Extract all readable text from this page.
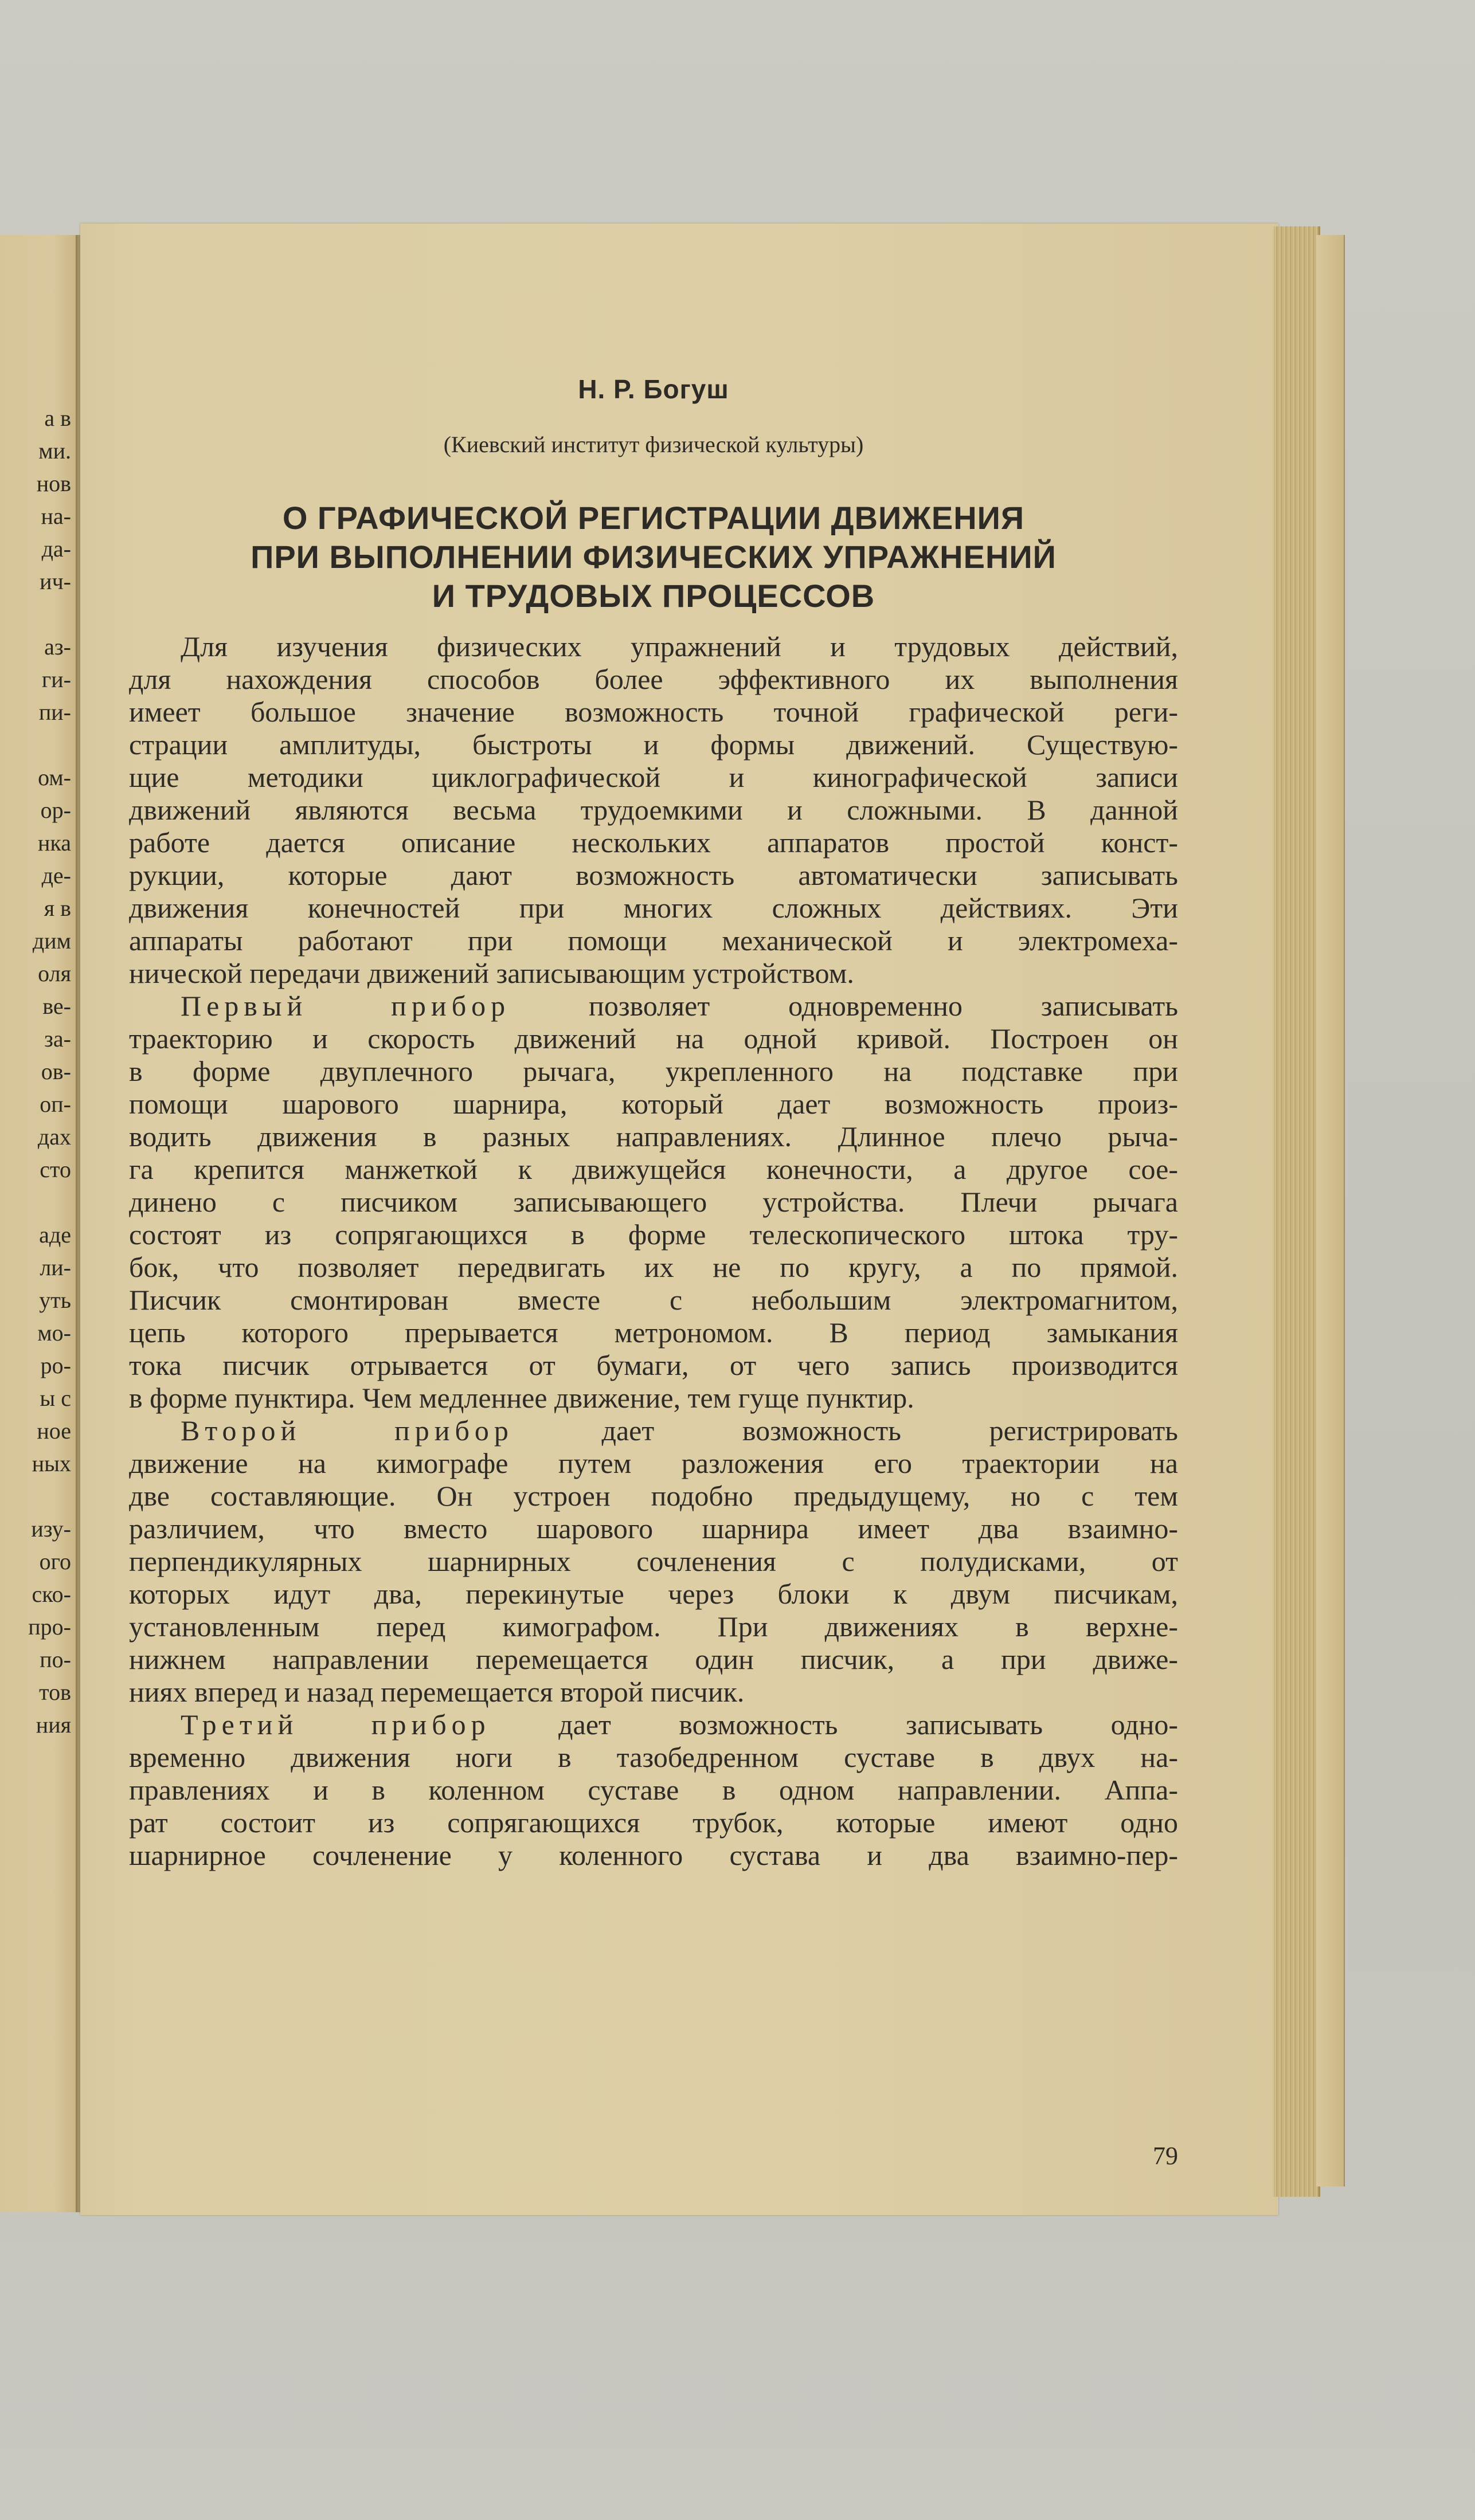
а в
ми.
нов
на-
да-
ич-
аз-
ги-
пи-
ом-
ор-
нка
де-
я в
дим
оля
ве-
за-
ов-
оп-
дах
сто
аде
ли-
уть
мо-
ро-
ы с
ное
ных
изу-
ого
ско-
про-
по-
тов
ния
Н. Р. Богуш
(Киевский институт физической культуры)
О ГРАФИЧЕСКОЙ РЕГИСТРАЦИИ ДВИЖЕНИЯ
ПРИ ВЫПОЛНЕНИИ ФИЗИЧЕСКИХ УПРАЖНЕНИЙ
И ТРУДОВЫХ ПРОЦЕССОВ
Для изучения физических упражнений и трудовых действий,
для нахождения способов более эффективного их выполнения
имеет большое значение возможность точной графической реги-
страции амплитуды, быстроты и формы движений. Существую-
щие методики циклографической и кинографической записи
движений являются весьма трудоемкими и сложными. В данной
работе дается описание нескольких аппаратов простой конст-
рукции, которые дают возможность автоматически записывать
движения конечностей при многих сложных действиях. Эти
аппараты работают при помощи механической и электромеха-
нической передачи движений записывающим устройством.
Первый прибор позволяет одновременно записывать
траекторию и скорость движений на одной кривой. Построен он
в форме двуплечного рычага, укрепленного на подставке при
помощи шарового шарнира, который дает возможность произ-
водить движения в разных направлениях. Длинное плечо рыча-
га крепится манжеткой к движущейся конечности, а другое сое-
динено с писчиком записывающего устройства. Плечи рычага
состоят из сопрягающихся в форме телескопического штока тру-
бок, что позволяет передвигать их не по кругу, а по прямой.
Писчик смонтирован вместе с небольшим электромагнитом,
цепь которого прерывается метрономом. В период замыкания
тока писчик отрывается от бумаги, от чего запись производится
в форме пунктира. Чем медленнее движение, тем гуще пунктир.
Второй прибор дает возможность регистрировать
движение на кимографе путем разложения его траектории на
две составляющие. Он устроен подобно предыдущему, но с тем
различием, что вместо шарового шарнира имеет два взаимно-
перпендикулярных шарнирных сочленения с полудисками, от
которых идут два, перекинутые через блоки к двум писчикам,
установленным перед кимографом. При движениях в верхне-
нижнем направлении перемещается один писчик, а при движе-
ниях вперед и назад перемещается второй писчик.
Третий прибор дает возможность записывать одно-
временно движения ноги в тазобедренном суставе в двух на-
правлениях и в коленном суставе в одном направлении. Аппа-
рат состоит из сопрягающихся трубок, которые имеют одно
шарнирное сочленение у коленного сустава и два взаимно-пер-
79
